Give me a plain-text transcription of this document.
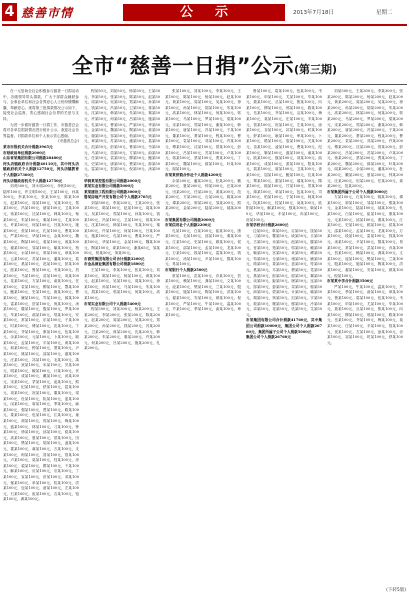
4 慈善市情	公示	2013年7月18日	星期二
全市“慈善一日捐”公示(第三期)

在一元复始全社会积极参与慈善一日捐活动中，各级领导带头捐款，广大干部群众踊跃参与，企事业单位和社会各界爱心人士纷纷慷慨解囊，奉献爱心。现将第三批捐款情况公示如下，接受社会监督，衷心感谢社会各界的关爱与支持。

为进一步做好慈善一日捐工作，市慈善总会将对各单位捐款情况进行统计公示，欢迎社会各界监督。对捐款单位和个人表示衷心感谢。

(市慈善总会)

某市市级机关合计捐款3965元

市财政局单位捐款2000元

山东省某集团有限公司捐款28480元

河头店镇政府合计捐款40110元，其中河头店镇政府机关个人捐款12750元，河头店镇教育个人捐款27360元

河头店镇政府机关个人捐款12750元

刘虎500元，刘永明200元，李相100元，陆军100元，许文明100元，王某100元，孙某100元，李某100元，张某100元，陈某100元，赵某100元，周某100元，吴某100元，郑某100元，冯某100元，褚某100元，卫某100元，蒋某100元，沈某100元，韩某100元，杨某100元，朱某100元，秦某100元，尤某100元，许某100元，何某100元，吕某100元，施某100元，张某100元，孔某100元，曹某100元，严某100元，华某100元，金某100元，魏某100元，陶某100元，姜某100元，戚某100元，谢某100元，邹某100元，喻某100元，柏某100元，水某100元，窦某100元，章某100元，云某100元，苏某100元，潘某100元，葛某100元，奚某100元，范某100元，彭某100元，郎某100元，鲁某100元，韦某100元，昌某100元，马某100元，苗某100元，凤某100元，花某100元，方某100元，俞某100元，任某100元，袁某100元，柳某100元，酆某100元，鲍某100元，史某100元，唐某100元，费某100元，廉某100元，岑某100元，薛某100元，雷某100元，贺某100元，倪某100元，汤某100元，滕某100元，殷某100元，罗某100元，毕某100元，郝某100元，邬某100元，安某100元，常某100元，乐某100元，于某100元，时某100元，傅某100元，皮某100元，卞某100元，齐某100元，康某100元，伍某100元，余某100元，元某100元，卜某100元，顾某100元，孟某100元，平某100元，黄某100元，和某100元，穆某100元，萧某100元，尹某100元，姚某100元，邵某100元，湛某100元，汪某100元，祁某100元，毛某100元，禹某100元，狄某100元，米某100元，贝某100元，明某100元，臧某100元，计某100元，伏某100元，成某100元，戴某100元，谈某100元，宋某100元，茅某100元，庞某100元，熊某100元，纪某100元，舒某100元，屈某100元，项某100元，祝某100元，董某100元，梁某100元，杜某100元，阮某100元，蓝某100元，闵某100元，席某100元，季某100元，麻某100元，强某100元，贾某100元，路某100元，娄某100元，危某100元，江某100元，童某100元，颜某100元，郭某100元，梅某100元，盛某100元，林某100元，刁某100元，钟某100元，徐某100元，邱某100元，骆某100元，高某100元，夏某100元，蔡某100元，田某100元，樊某100元，胡某100元，凌某100元，霍某100元，虞某100元，万某100元，支某100元，柯某100元，昝某100元，管某100元，卢某100元，莫某100元，经某100元，房某100元，裘某100元，缪某100元，干某100元，解某100元，应某100元，宗某100元，丁某100元，宣某100元，贲某100元，邓某100元，郁某100元，单某100元，杭某100元，洪某100元，包某100元，诸某100元，左某100元，石某100元，崔某100元，吉某100元，钮某100元，龚某100元。

程某50元，刘某50元，杨某50元，王某50元，李某50元，张某50元，陈某50元，赵某50元，周某50元，吴某50元，郑某50元，孙某50元，钱某50元，冯某50元，卫某50元，蒋某50元，沈某50元，韩某50元，朱某50元，秦某50元，许某50元，何某50元，吕某50元，施某50元，孔某50元，曹某50元，严某50元，华某50元，金某50元，魏某50元，陶某50元，姜某50元，谢某50元，邹某50元，柏某50元，窦某50元，章某50元，苏某50元，潘某50元，葛某50元，范某50元，彭某50元，鲁某50元，韦某50元，马某50元，苗某50元，方某50元，俞某50元，任某50元，袁某50元，柳某50元，鲍某50元，史某50元，唐某50元，费某50元，薛某50元，雷某50元，贺某50元，倪某50元，汤某50元。

华润某某控股有限公司捐款2000元

某某实业有限公司捐款5000元

某某建设工程有限公司捐款3000元

鲁某房地产开发有限公司个人捐款3765元

刘某500元，李某200元，王某200元，张某100元，陈某100元，赵某100元，周某100元，吴某100元，郑某100元，孙某100元，钱某100元，冯某100元，卫某100元，蒋某100元，沈某100元，韩某100元，朱某100元，秦某100元，许某100元，何某100元，吕某100元，施某100元，孔某100元，曹某100元，严某100元，华某100元，金某100元，魏某100元，陶某100元，姜某100元，谢某65元，邹某50元，柏某50元，窦某50元。

市商贸集团有限公司合计捐款3200元

市金品酒业集团有限公司捐款1800元

王某100元，李某100元，张某100元，刘某100元，陈某100元，杨某100元，黄某100元，赵某100元，吴某100元，周某100元，徐某100元，孙某100元，马某100元，朱某100元，胡某100元，郭某100元，何某100元，高某100元。

市某实业有限公司个人捐款5400元

程某500元，刘某300元，杨某200元，王某200元，李某200元，张某200元，陈某200元，赵某200元，周某200元，吴某200元，郑某200元，孙某200元，钱某200元，冯某200元，卫某200元，蒋某200元，沈某200元，韩某200元，朱某200元，秦某200元，许某200元，何某200元，吕某200元，施某200元，孔某200元。

张某100元，刘某100元，李某100元，王某100元，陈某100元，杨某100元，赵某100元，黄某100元，周某100元，吴某100元，徐某100元，孙某100元，胡某100元，朱某100元，高某100元，林某100元，何某100元，郭某100元，马某100元，罗某100元，梁某100元，宋某100元，郑某100元，谢某100元，韩某100元，唐某100元，冯某100元，于某100元，董某100元，萧某100元，程某100元，曹某100元，袁某100元，邓某100元，许某100元，傅某100元，沈某100元，曾某100元，彭某100元，吕某100元，苏某100元，卢某100元，蒋某100元，蔡某100元，贾某100元，丁某100元，魏某100元，薛某100元，叶某100元，阎某100元。

市某某供销合作社个人捐款4200元

余某200元，潘某200元，杜某200元，戴某200元，夏某200元，钟某200元，汪某200元，田某200元，任某200元，姜某200元，范某200元，方某200元，石某200元，姚某200元，谭某200元，廖某200元，邹某200元，熊某200元，金某200元，陆某200元，郝某200元。

市某集团有限公司捐款3000元

市某信用社个人捐款2200元

孔某100元，白某100元，崔某100元，康某100元，毛某100元，邱某100元，秦某100元，江某100元，史某100元，顾某100元，侯某100元，邵某100元，孟某100元，龙某100元，万某100元，段某100元，雷某100元，钱某100元，汤某100元，尹某100元，黎某100元，易某100元。

市某银行个人捐款2500元

常某100元，武某100元，乔某100元，贺某100元，赖某100元，龚某100元，文某100元，庞某100元，樊某100元，兰某100元，殷某100元，施某100元，陶某100元，洪某100元，翟某100元，安某100元，颜某100元，倪某100元，严某100元，牛某100元，温某100元，芦某100元，季某100元，俞某100元，章某100元。

鲁某100元，葛某100元，伍某100元，韦某100元，申某100元，尤某100元，毕某100元，聂某100元，丛某100元，焦某100元，向某100元，柳某100元，邢某100元，路某100元，岳某100元，齐某100元，沿某100元，梅某100元，莫某100元，庄某100元，辛某100元，管某100元，祝某100元，左某100元，涂某100元，谷某100元，祁某100元，时某100元，舒某100元，耿某100元，牟某100元，卜某100元，路某100元，詹某100元，关某100元，苗某100元，凌某100元，费某100元，纪某100元，靳某100元，盛某100元，童某100元，欧某100元，甄某100元，项某100元，曲某100元，成某100元，游某100元，阳某100元，裴某100元，席某100元，卫某100元，查某100元，屈某100元，鲍某100元，位某100元，覃某100元，霍某100元，翁某100元，隋某100元，植某100元，甘某100元，景某100元，薄某100元，单某100元，包某100元，司某100元，柏某100元，宁某100元，柯某100元，阮某100元，桂某100元，闵某100元，欧阳某100元，解某100元，强某100元，柴某100元，华某100元，车某100元，冉某100元，房某100元。

市某学校合计捐款2600元

边某50元，辜某50元，吉某50元，饶某50元，刁某50元，瞿某50元，戚某50元，丘某50元，古某50元，米某50元，池某50元，滕某50元，晋某50元，苑某50元，邬某50元，臧某50元，畅某50元，宫某50元，来某50元，嵺某50元，苟某50元，全某50元，褚某50元，廉某50元，简某50元，娄某50元，盖某50元，符某50元，奚某50元，木某50元，穆某50元，党某50元，燕某50元，郎某50元，邸某50元，冀某50元，谈某50元，姬某50元，屠某50元，连某50元，郜某50元，晏某50元，栾某50元，郁某50元，商某50元，蒙某50元，计某50元，喻某50元，揭某50元，窦某50元，迟某50元，宇某50元，敖某50元，糜某50元，鄢某50元，冷某50元，卓某50元，花某50元，仇某50元，艾某50元。

市某集团有限公司合计捐款41760元，其中集团公司捐款10000元，集团公司个人捐款26760元，集团所属子公司个人捐款5000元

集团公司个人捐款26760元

刘某500元，王某300元，李某300元，张某200元，陈某200元，杨某200元，赵某200元，黄某200元，周某200元，吴某200元，徐某200元，孙某200元，胡某200元，朱某200元，高某200元，林某200元，何某200元，郭某200元，马某200元，罗某200元，梁某200元，宋某200元，郑某200元，谢某200元，韩某200元，唐某200元，冯某200元，于某200元，董某200元，萧某200元，程某200元，曹某200元，袁某200元，邓某200元，许某200元，傅某200元，沈某200元，曾某200元，彭某200元，吕某200元，苏某200元，卢某200元，蒋某200元，蔡某200元，贾某200元，丁某200元，魏某200元，薛某200元，叶某200元，阎某200元，余某200元，潘某200元，杜某200元，戴某200元，夏某200元，钟某200元，汪某200元，田某200元，任某200元，姜某200元，范某200元。

市某集团所属子公司个人捐款5000元

方某100元，石某100元，姚某100元，谭某100元，廖某100元，邹某100元，熊某100元，金某100元，陆某100元，郝某100元，孔某100元，白某100元，崔某100元，康某100元，毛某100元，邱某100元，秦某100元，江某100元，史某100元，顾某100元，侯某100元，邵某100元，孟某100元，龙某100元，万某100元，段某100元，雷某100元，钱某100元，汤某100元，尹某100元，黎某100元，易某100元，常某100元，武某100元，乔某100元，贺某100元，赖某100元，龚某100元，文某100元，庞某100元，樊某100元，兰某100元，殷某100元，施某100元，陶某100元，洪某100元，翟某100元，安某100元，颜某100元，倪某100元。

市某某中学合计捐款3500元

严某100元，牛某100元，温某100元，芦某100元，季某100元，俞某100元，章某100元，鲁某100元，葛某100元，伍某100元，韦某100元，申某100元，尤某100元，毕某100元，聂某100元，丛某100元，焦某100元，向某100元，柳某100元，邢某100元，路某100元，岳某100元，齐某100元，梅某100元，莫某100元，庄某100元，辛某100元，管某100元，祝某100元，左某100元，涂某100元，谷某100元，祁某100元，时某100元，舒某100元。

(下转5版)
